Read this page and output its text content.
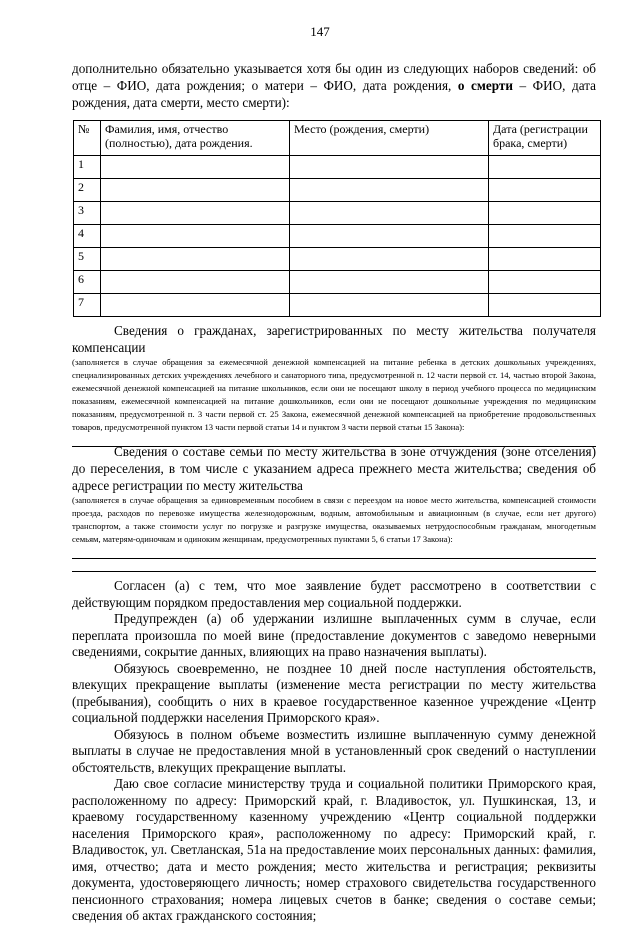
147

дополнительно обязательно указывается хотя бы один из следующих наборов сведений: об отце – ФИО, дата рождения; о матери – ФИО, дата рождения, о смерти – ФИО, дата рождения, дата смерти, место смерти):

№	Фамилия, имя, отчество (полностью), дата рождения.	Место (рождения, смерти)	Дата (регистрации брака, смерти)
1			
2			
3			
4			
5			
6			
7			
Сведения о гражданах, зарегистрированных по месту жительства получателя компенсации
(заполняется в случае обращения за ежемесячной денежной компенсацией на питание ребенка в детских дошкольных учреждениях, специализированных детских учреждениях лечебного и санаторного типа, предусмотренной п. 12 части первой ст. 14, частью второй Закона, ежемесячной денежной компенсацией на питание школьников, если они не посещают школу в период учебного процесса по медицинским показаниям, ежемесячной компенсацией на питание дошкольников, если они не посещают дошкольные учреждения по медицинским показаниям, предусмотренной п. 3 части первой ст. 25 Закона, ежемесячной денежной компенсацией на приобретение продовольственных товаров, предусмотренной пунктом 13 части первой статьи 14 и пунктом 3 части первой статьи 15 Закона):
Сведения о составе семьи по месту жительства в зоне отчуждения (зоне отселения) до переселения, в том числе с указанием адреса прежнего места жительства; сведения об адресе регистрации по месту жительства
(заполняется в случае обращения за единовременным пособием в связи с переездом на новое место жительства, компенсацией стоимости проезда, расходов по перевозке имущества железнодорожным, водным, автомобильным и авиационным (в случае, если нет другого) транспортом, а также стоимости услуг по погрузке и разгрузке имущества, оказываемых нетрудоспособным гражданам, многодетным семьям, матерям-одиночкам и одиноким женщинам, предусмотренных пунктами 5, 6 статьи 17 Закона):

Согласен (а) с тем, что мое заявление будет рассмотрено в соответствии с действующим порядком предоставления мер социальной поддержки.

Предупрежден (а) об удержании излишне выплаченных сумм в случае, если переплата произошла по моей вине (предоставление документов с заведомо неверными сведениями, сокрытие данных, влияющих на право назначения выплаты).

Обязуюсь своевременно, не позднее 10 дней после наступления обстоятельств, влекущих прекращение выплаты (изменение места регистрации по месту жительства (пребывания), сообщить о них в краевое государственное казенное учреждение «Центр социальной поддержки населения Приморского края».

Обязуюсь в полном объеме возместить излишне выплаченную сумму денежной выплаты в случае не предоставления мной в установленный срок сведений о наступлении обстоятельств, влекущих прекращение выплаты.

Даю свое согласие министерству труда и социальной политики Приморского края, расположенному по адресу: Приморский край, г. Владивосток, ул. Пушкинская, 13, и краевому государственному казенному учреждению «Центр социальной поддержки населения Приморского края», расположенному по адресу: Приморский край, г. Владивосток, ул. Светланская, 51а на предоставление моих персональных данных: фамилия, имя, отчество; дата и место рождения; место жительства и регистрация; реквизиты документа, удостоверяющего личность; номер страхового свидетельства государственного пенсионного страхования; номера лицевых счетов в банке; сведения о составе семьи; сведения об актах гражданского состояния;
